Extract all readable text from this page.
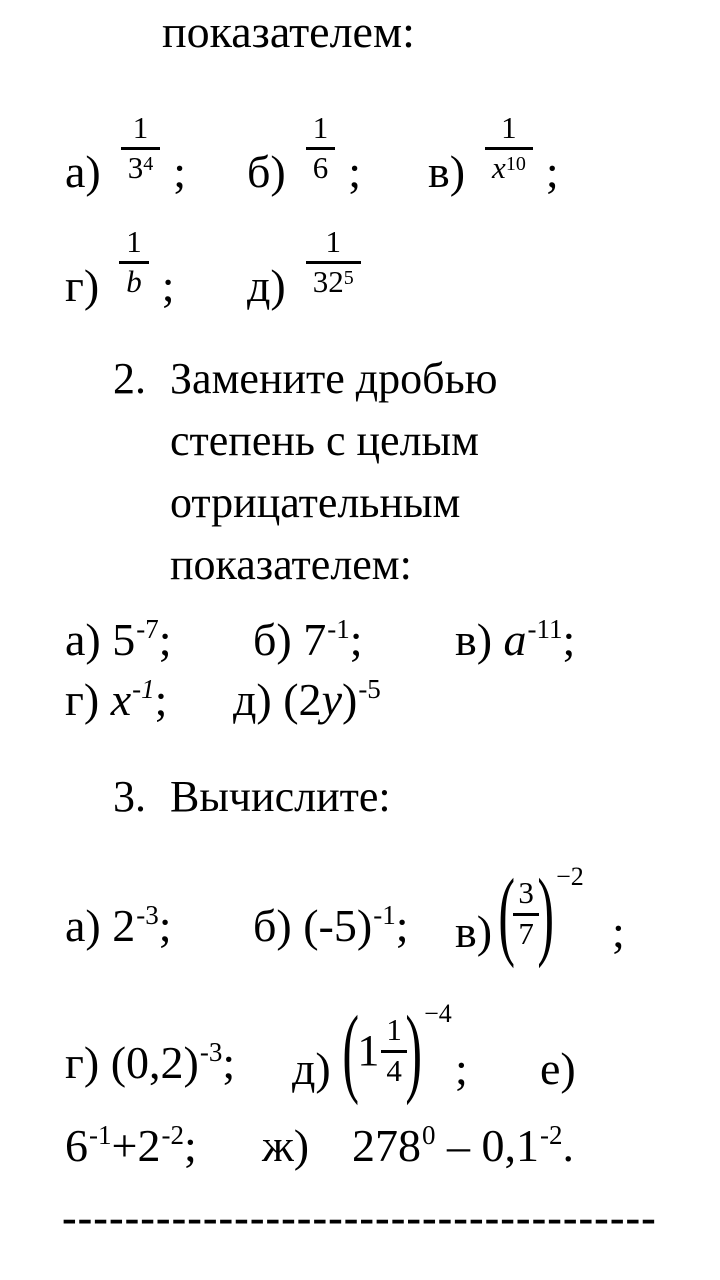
показателем:
$а) \frac{1}{3^4}$ ; $б) \frac{1}{6}$ ; $в) \frac{1}{x^{10}}$ ;
$г) \frac{1}{b}$ ; $д) \frac{1}{32^5}$
2. Замените дробью
степень с целым
отрицательным
показателем:
а) $5^{-7}$; б) $7^{-1}$; в) $a^{-11}$;
г) $x^{-1}$; д) $(2y)^{-5}$
3. Вычислите:
а) $2^{-3}$; б) $(-5)^{-1}$; в) (
$\frac{3}{7}$
) −2
;
г) $(0,2)^{-3}$; д) (
$1 \frac{1}{4}$
) −4
; е)
$6^{-1}+2^{-2}$; ж) $278^0 - 0,1^{-2}$.
--------------------------------------
